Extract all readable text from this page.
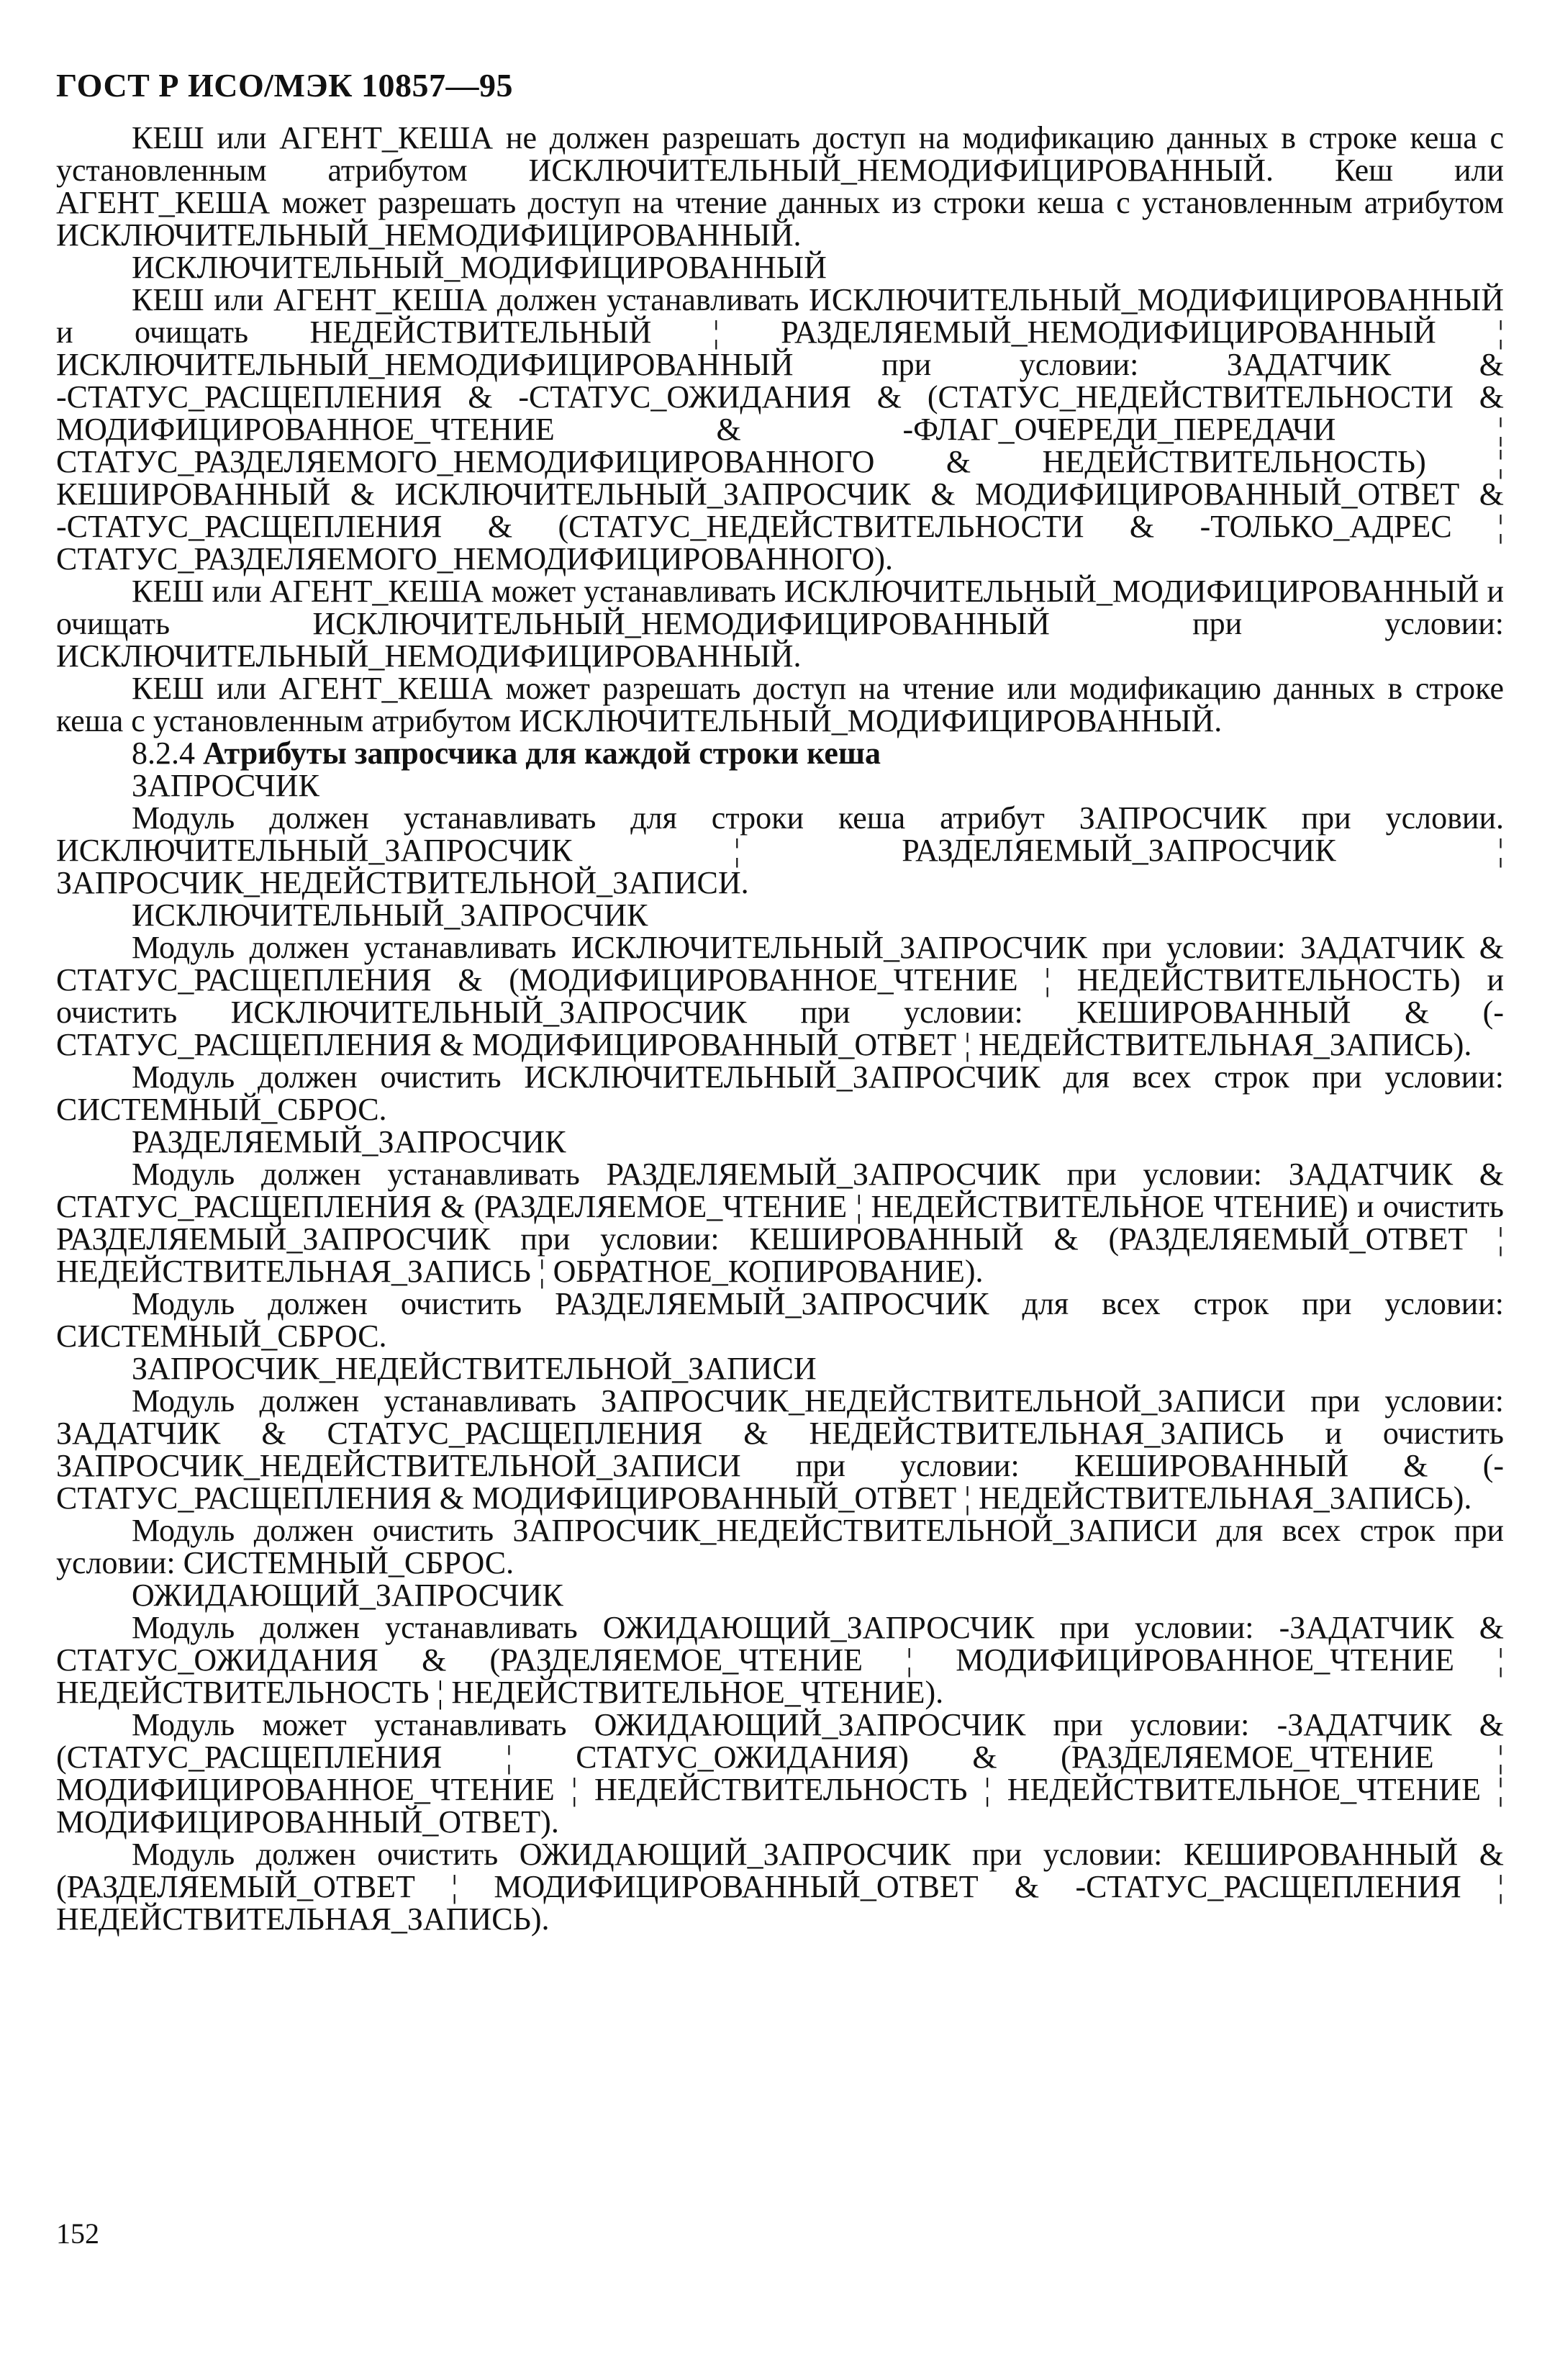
ГОСТ Р ИСО/МЭК 10857—95

КЕШ или АГЕНТ_КЕША не должен разрешать доступ на модификацию данных в строке кеша с установленным атрибутом ИСКЛЮЧИТЕЛЬНЫЙ_НЕМОДИФИЦИРОВАННЫЙ. Кеш или АГЕНТ_КЕША может разрешать доступ на чтение данных из строки кеша с установленным атрибутом ИСКЛЮЧИТЕЛЬНЫЙ_НЕМОДИФИЦИРОВАННЫЙ.

ИСКЛЮЧИТЕЛЬНЫЙ_МОДИФИЦИРОВАННЫЙ

КЕШ или АГЕНТ_КЕША должен устанавливать ИСКЛЮЧИТЕЛЬНЫЙ_МОДИФИЦИРОВАННЫЙ и очищать НЕДЕЙСТВИТЕЛЬНЫЙ ¦ РАЗДЕЛЯЕМЫЙ_НЕМОДИФИЦИРОВАННЫЙ ¦ ИСКЛЮЧИТЕЛЬНЫЙ_НЕМОДИФИЦИРОВАННЫЙ при условии: ЗАДАТЧИК & -СТАТУС_РАСЩЕПЛЕНИЯ & -СТАТУС_ОЖИДАНИЯ & (СТАТУС_НЕДЕЙСТВИТЕЛЬНОСТИ & МОДИФИЦИРОВАННОЕ_ЧТЕНИЕ & -ФЛАГ_ОЧЕРЕДИ_ПЕРЕДАЧИ ¦ СТАТУС_РАЗДЕЛЯЕМОГО_НЕМОДИФИЦИРОВАННОГО & НЕДЕЙСТВИТЕЛЬНОСТЬ) ¦ КЕШИРОВАННЫЙ & ИСКЛЮЧИТЕЛЬНЫЙ_ЗАПРОСЧИК & МОДИФИЦИРОВАННЫЙ_ОТВЕТ & -СТАТУС_РАСЩЕПЛЕНИЯ & (СТАТУС_НЕДЕЙСТВИТЕЛЬНОСТИ & -ТОЛЬКО_АДРЕС ¦ СТАТУС_РАЗДЕЛЯЕМОГО_НЕМОДИФИЦИРОВАННОГО).

КЕШ или АГЕНТ_КЕША может устанавливать ИСКЛЮЧИТЕЛЬНЫЙ_МОДИФИЦИРОВАННЫЙ и очищать ИСКЛЮЧИТЕЛЬНЫЙ_НЕМОДИФИЦИРОВАННЫЙ при условии: ИСКЛЮЧИТЕЛЬНЫЙ_НЕМОДИФИЦИРОВАННЫЙ.

КЕШ или АГЕНТ_КЕША может разрешать доступ на чтение или модификацию данных в строке кеша с установленным атрибутом ИСКЛЮЧИТЕЛЬНЫЙ_МОДИФИЦИРОВАННЫЙ.

8.2.4 Атрибуты запросчика для каждой строки кеша

ЗАПРОСЧИК

Модуль должен устанавливать для строки кеша атрибут ЗАПРОСЧИК при условии. ИСКЛЮЧИТЕЛЬНЫЙ_ЗАПРОСЧИК ¦ РАЗДЕЛЯЕМЫЙ_ЗАПРОСЧИК ¦ ЗАПРОСЧИК_НЕДЕЙСТВИТЕЛЬНОЙ_ЗАПИСИ.

ИСКЛЮЧИТЕЛЬНЫЙ_ЗАПРОСЧИК

Модуль должен устанавливать ИСКЛЮЧИТЕЛЬНЫЙ_ЗАПРОСЧИК при условии: ЗАДАТЧИК & СТАТУС_РАСЩЕПЛЕНИЯ & (МОДИФИЦИРОВАННОЕ_ЧТЕНИЕ ¦ НЕДЕЙСТВИТЕЛЬНОСТЬ) и очистить ИСКЛЮЧИТЕЛЬНЫЙ_ЗАПРОСЧИК при условии: КЕШИРОВАННЫЙ & (-СТАТУС_РАСЩЕПЛЕНИЯ & МОДИФИЦИРОВАННЫЙ_ОТВЕТ ¦ НЕДЕЙСТВИТЕЛЬНАЯ_ЗАПИСЬ).

Модуль должен очистить ИСКЛЮЧИТЕЛЬНЫЙ_ЗАПРОСЧИК для всех строк при условии: СИСТЕМНЫЙ_СБРОС.

РАЗДЕЛЯЕМЫЙ_ЗАПРОСЧИК

Модуль должен устанавливать РАЗДЕЛЯЕМЫЙ_ЗАПРОСЧИК при условии: ЗАДАТЧИК & СТАТУС_РАСЩЕПЛЕНИЯ & (РАЗДЕЛЯЕМОЕ_ЧТЕНИЕ ¦ НЕДЕЙСТВИТЕЛЬНОЕ ЧТЕНИЕ) и очистить РАЗДЕЛЯЕМЫЙ_ЗАПРОСЧИК при условии: КЕШИРОВАННЫЙ & (РАЗДЕЛЯЕМЫЙ_ОТВЕТ ¦ НЕДЕЙСТВИТЕЛЬНАЯ_ЗАПИСЬ ¦ ОБРАТНОЕ_КОПИРОВАНИЕ).

Модуль должен очистить РАЗДЕЛЯЕМЫЙ_ЗАПРОСЧИК для всех строк при условии: СИСТЕМНЫЙ_СБРОС.

ЗАПРОСЧИК_НЕДЕЙСТВИТЕЛЬНОЙ_ЗАПИСИ

Модуль должен устанавливать ЗАПРОСЧИК_НЕДЕЙСТВИТЕЛЬНОЙ_ЗАПИСИ при условии: ЗАДАТЧИК & СТАТУС_РАСЩЕПЛЕНИЯ & НЕДЕЙСТВИТЕЛЬНАЯ_ЗАПИСЬ и очистить ЗАПРОСЧИК_НЕДЕЙСТВИТЕЛЬНОЙ_ЗАПИСИ при условии: КЕШИРОВАННЫЙ & (-СТАТУС_РАСЩЕПЛЕНИЯ & МОДИФИЦИРОВАННЫЙ_ОТВЕТ ¦ НЕДЕЙСТВИТЕЛЬНАЯ_ЗАПИСЬ).

Модуль должен очистить ЗАПРОСЧИК_НЕДЕЙСТВИТЕЛЬНОЙ_ЗАПИСИ для всех строк при условии: СИСТЕМНЫЙ_СБРОС.

ОЖИДАЮЩИЙ_ЗАПРОСЧИК

Модуль должен устанавливать ОЖИДАЮЩИЙ_ЗАПРОСЧИК при условии: -ЗАДАТЧИК & СТАТУС_ОЖИДАНИЯ & (РАЗДЕЛЯЕМОЕ_ЧТЕНИЕ ¦ МОДИФИЦИРОВАННОЕ_ЧТЕНИЕ ¦ НЕДЕЙСТВИТЕЛЬНОСТЬ ¦ НЕДЕЙСТВИТЕЛЬНОЕ_ЧТЕНИЕ).

Модуль может устанавливать ОЖИДАЮЩИЙ_ЗАПРОСЧИК при условии: -ЗАДАТЧИК & (СТАТУС_РАСЩЕПЛЕНИЯ ¦ СТАТУС_ОЖИДАНИЯ) & (РАЗДЕЛЯЕМОЕ_ЧТЕНИЕ ¦ МОДИФИЦИРОВАННОЕ_ЧТЕНИЕ ¦ НЕДЕЙСТВИТЕЛЬНОСТЬ ¦ НЕДЕЙСТВИТЕЛЬНОЕ_ЧТЕНИЕ ¦ МОДИФИЦИРОВАННЫЙ_ОТВЕТ).

Модуль должен очистить ОЖИДАЮЩИЙ_ЗАПРОСЧИК при условии: КЕШИРОВАННЫЙ & (РАЗДЕЛЯЕМЫЙ_ОТВЕТ ¦ МОДИФИЦИРОВАННЫЙ_ОТВЕТ & -СТАТУС_РАСЩЕПЛЕНИЯ ¦ НЕДЕЙСТВИТЕЛЬНАЯ_ЗАПИСЬ).

152
